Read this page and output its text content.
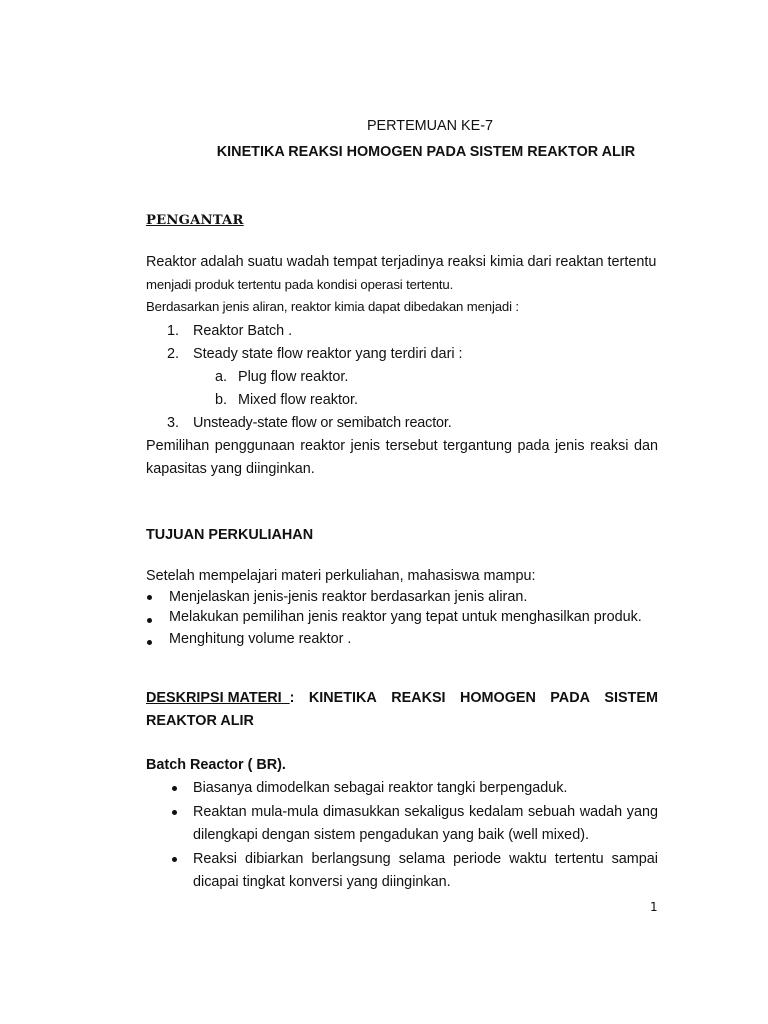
PERTEMUAN KE-7
KINETIKA REAKSI HOMOGEN PADA SISTEM REAKTOR ALIR
PENGANTAR
Reaktor adalah suatu wadah tempat terjadinya reaksi kimia dari reaktan tertentu
menjadi produk tertentu pada kondisi operasi tertentu.
Berdasarkan jenis aliran, reaktor kimia dapat dibedakan menjadi :
1. Reaktor Batch .
2. Steady state flow reaktor yang terdiri dari :
a. Plug flow reaktor.
b. Mixed flow reaktor.
3. Unsteady-state flow or semibatch reactor.
Pemilihan penggunaan reaktor jenis tersebut tergantung pada jenis reaksi dan
kapasitas yang diinginkan.
TUJUAN PERKULIAHAN
Setelah mempelajari materi perkuliahan, mahasiswa mampu:
Menjelaskan jenis-jenis reaktor berdasarkan jenis aliran.
Melakukan pemilihan jenis reaktor yang tepat untuk menghasilkan produk.
Menghitung volume reaktor .
DESKRIPSI MATERI : KINETIKA REAKSI HOMOGEN PADA SISTEM
REAKTOR ALIR
Batch Reactor ( BR).
Biasanya dimodelkan sebagai reaktor tangki berpengaduk.
Reaktan mula-mula dimasukkan sekaligus kedalam sebuah wadah yang
dilengkapi dengan sistem pengadukan yang baik (well mixed).
Reaksi dibiarkan berlangsung selama periode waktu tertentu sampai
dicapai tingkat konversi yang diinginkan.
1
